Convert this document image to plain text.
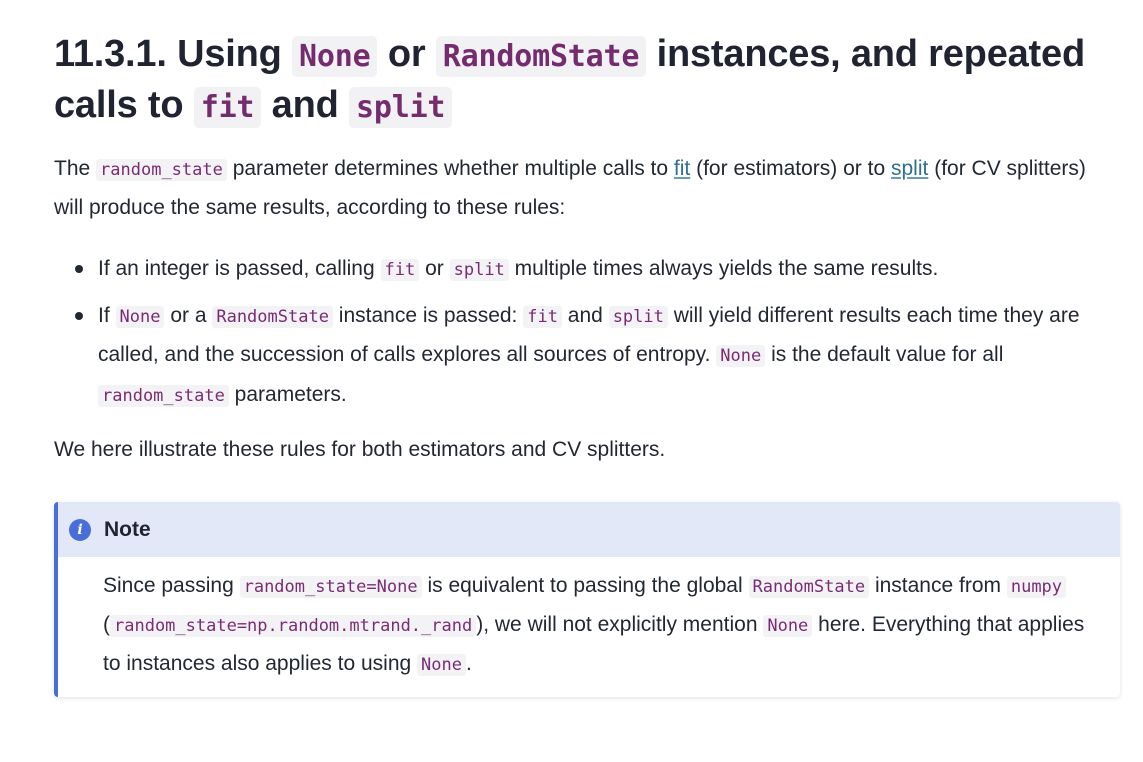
11.3.1. Using None or RandomState instances, and repeated calls to fit and split

The random_state parameter determines whether multiple calls to fit (for estimators) or to split (for CV splitters) will produce the same results, according to these rules:

If an integer is passed, calling fit or split multiple times always yields the same results.
If None or a RandomState instance is passed: fit and split will yield different results each time they are called, and the succession of calls explores all sources of entropy. None is the default value for all random_state parameters.

We here illustrate these rules for both estimators and CV splitters.

i	Note
Since passing random_state=None is equivalent to passing the global RandomState instance from numpy ( random_state=np.random.mtrand._rand ), we will not explicitly mention None here. Everything that applies to instances also applies to using None .
